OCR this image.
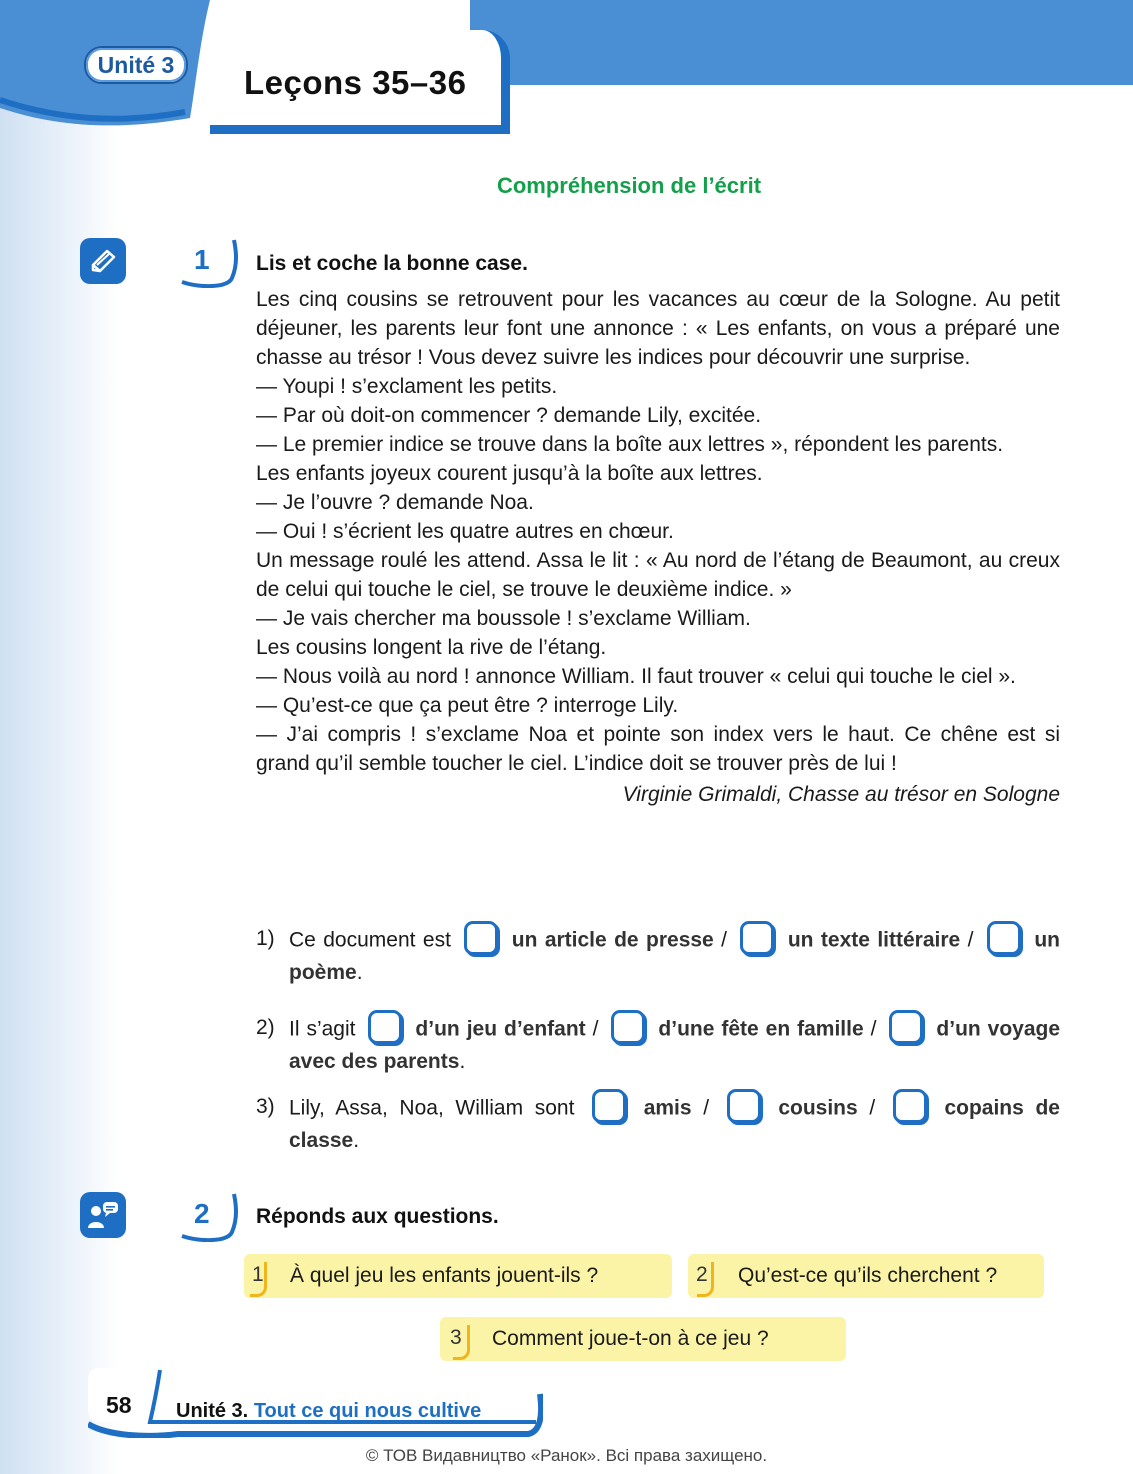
Unité 3	Leçons 35–36
Compréhension de l’écrit
1 Lis et coche la bonne case.

Les cinq cousins se retrouvent pour les vacances au cœur de la Sologne. Au petit déjeuner, les parents leur font une annonce : « Les enfants, on vous a préparé une chasse au trésor ! Vous devez suivre les indices pour découvrir une surprise.

— Youpi ! s’exclament les petits.

— Par où doit-on commencer ? demande Lily, excitée.

— Le premier indice se trouve dans la boîte aux lettres », répondent les parents.

Les enfants joyeux courent jusqu’à la boîte aux lettres.

— Je l’ouvre ? demande Noa.

— Oui ! s’écrient les quatre autres en chœur.

Un message roulé les attend. Assa le lit : « Au nord de l’étang de Beaumont, au creux de celui qui touche le ciel, se trouve le deuxième indice. »

— Je vais chercher ma boussole ! s’exclame William.

Les cousins longent la rive de l’étang.

— Nous voilà au nord ! annonce William. Il faut trouver « celui qui touche le ciel ».

— Qu’est-ce que ça peut être ? interroge Lily.

— J’ai compris ! s’exclame Noa et pointe son index vers le haut. Ce chêne est si grand qu’il semble toucher le ciel. L’indice doit se trouver près de lui !

Virginie Grimaldi, Chasse au trésor en Sologne

1) Ce document est	un article de presse /	un texte littéraire /	un poème.
2) Il s’agit	d’un jeu d’enfant /	d’une fête en famille /	d’un voyage avec des parents.
3) Lily, Assa, Noa, William sont	amis /	cousins /	copains de classe.
2 Réponds aux questions.
1 À quel jeu les enfants jouent-ils ?	2 Qu’est-ce qu’ils cherchent ?
3 Comment joue-t-on à ce jeu ?
58 Unité 3. Tout ce qui nous cultive
© ТОВ Видавництво «Ранок». Всі права захищено.
